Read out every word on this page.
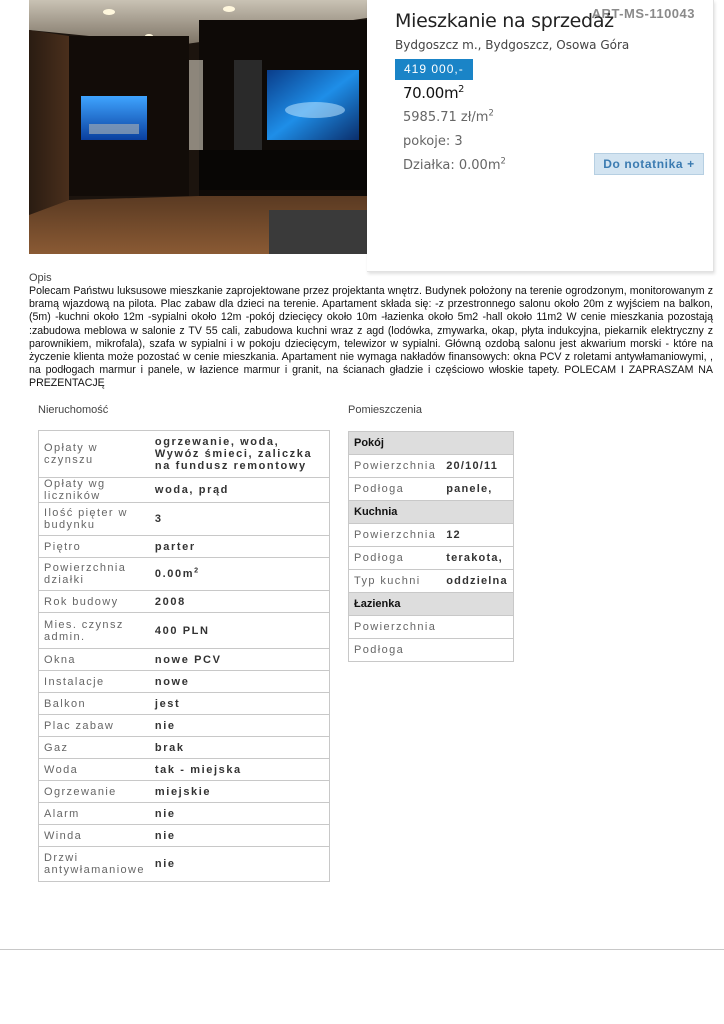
ART-MS-110043
Mieszkanie na sprzedaż
Bydgoszcz m., Bydgoszcz, Osowa Góra
419 000,-
$70.00m^2$
5985.71 $zł/m^2$
pokoje: 3
Działka: $0.00m^2$	Do notatnika +
Opis

Polecam Państwu luksusowe mieszkanie zaprojektowane przez projektanta wnętrz. Budynek położony na terenie ogrodzonym, monitorowanym z bramą wjazdową na pilota. Plac zabaw dla dzieci na terenie. Apartament składa się: -z przestronnego salonu około 20m z wyjściem na balkon, (5m) -kuchni około 12m -sypialni około 12m -pokój dziecięcy około 10m -łazienka około 5m2 -hall około 11m2 W cenie mieszkania pozostają :zabudowa meblowa w salonie z TV 55 cali, zabudowa kuchni wraz z agd (lodówka, zmywarka, okap, płyta indukcyjna, piekarnik elektryczny z parownikiem, mikrofala), szafa w sypialni i w pokoju dziecięcym, telewizor w sypialni. Główną ozdobą salonu jest akwarium morski - które na życzenie klienta może pozostać w cenie mieszkania. Apartament nie wymaga nakładów finansowych: okna PCV z roletami antywłamaniowymi, , na podłogach marmur i panele, w łazience marmur i granit, na ścianach gładzie i częściowo włoskie tapety. POLECAM I ZAPRASZAM NA PREZENTACJĘ

Nieruchomość	Pomieszczenia
Opłaty w czynszu	ogrzewanie, woda, Wywóz śmieci, zaliczka na fundusz remontowy
Opłaty wg liczników	woda, prąd
Ilość pięter w budynku	3
Piętro	parter
Powierzchnia działki	$0.00m^2$
Rok budowy	2008
Mies. czynsz admin.	400 PLN
Okna	nowe PCV
Instalacje	nowe
Balkon	jest
Plac zabaw	nie
Gaz	brak
Woda	tak - miejska
Ogrzewanie	miejskie
Alarm	nie
Winda	nie
Drzwi antywłamaniowe	nie
Pokój	
Powierzchnia	20/10/11
Podłoga	panele,
Kuchnia	
Powierzchnia	12
Podłoga	terakota,
Typ kuchni	oddzielna
Łazienka	
Powierzchnia	
Podłoga	
